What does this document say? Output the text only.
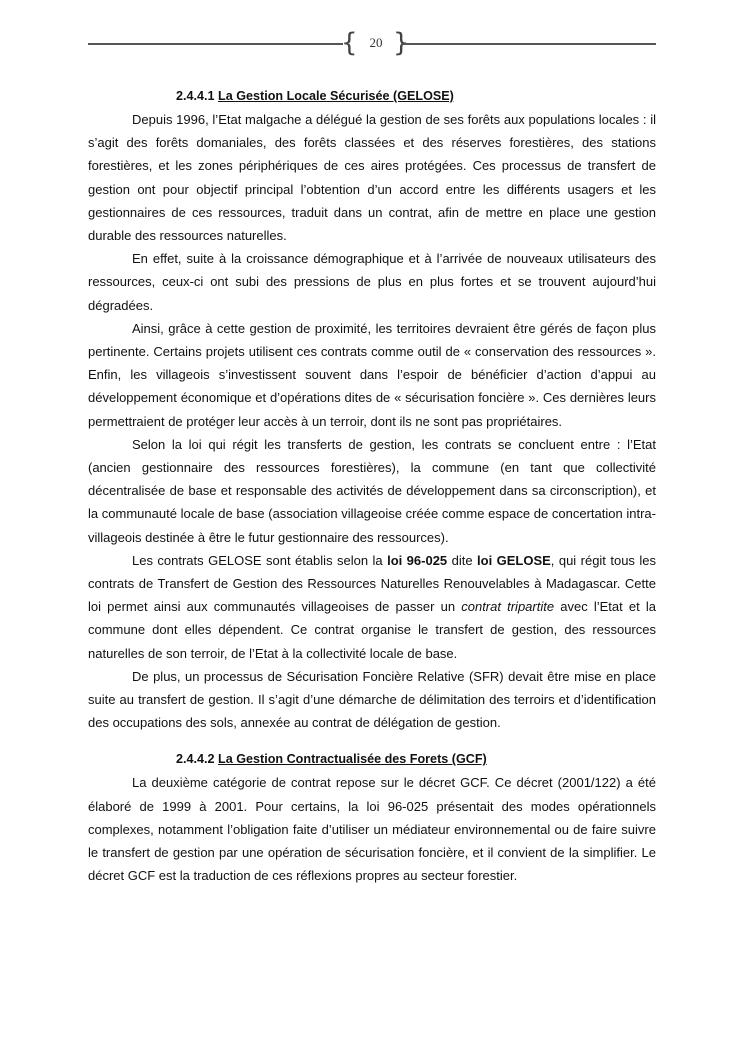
{ 20 }
2.4.4.1 La Gestion Locale Sécurisée (GELOSE)

Depuis 1996, l’Etat malgache a délégué la gestion de ses forêts aux populations locales : il s’agit des forêts domaniales, des forêts classées et des réserves forestières, des stations forestières, et les zones périphériques de ces aires protégées. Ces processus de transfert de gestion ont pour objectif principal l’obtention d’un accord entre les différents usagers et les gestionnaires de ces ressources, traduit dans un contrat, afin de mettre en place une gestion durable des ressources naturelles.

En effet, suite à la croissance démographique et à l’arrivée de nouveaux utilisateurs des ressources, ceux-ci ont subi des pressions de plus en plus fortes et se trouvent aujourd’hui dégradées.

Ainsi, grâce à cette gestion de proximité, les territoires devraient être gérés de façon plus pertinente. Certains projets utilisent ces contrats comme outil de « conservation des ressources ». Enfin, les villageois s’investissent souvent dans l’espoir de bénéficier d’action d’appui au développement économique et d’opérations dites de « sécurisation foncière ». Ces dernières leurs permettraient de protéger leur accès à un terroir, dont ils ne sont pas propriétaires.

Selon la loi qui régit les transferts de gestion, les contrats se concluent entre : l’Etat (ancien gestionnaire des ressources forestières), la commune (en tant que collectivité décentralisée de base et responsable des activités de développement dans sa circonscription), et la communauté locale de base (association villageoise créée comme espace de concertation intra-villageois destinée à être le futur gestionnaire des ressources).

Les contrats GELOSE sont établis selon la loi 96-025 dite loi GELOSE, qui régit tous les contrats de Transfert de Gestion des Ressources Naturelles Renouvelables à Madagascar. Cette loi permet ainsi aux communautés villageoises de passer un contrat tripartite avec l’Etat et la commune dont elles dépendent. Ce contrat organise le transfert de gestion, des ressources naturelles de son terroir, de l’Etat à la collectivité locale de base.

De plus, un processus de Sécurisation Foncière Relative (SFR) devait être mise en place suite au transfert de gestion. Il s’agit d’une démarche de délimitation des terroirs et d’identification des occupations des sols, annexée au contrat de délégation de gestion.

2.4.4.2 La Gestion Contractualisée des Forets (GCF)

La deuxième catégorie de contrat repose sur le décret GCF. Ce décret (2001/122) a été élaboré de 1999 à 2001. Pour certains, la loi 96-025 présentait des modes opérationnels complexes, notamment l’obligation faite d’utiliser un médiateur environnemental ou de faire suivre le transfert de gestion par une opération de sécurisation foncière, et il convient de la simplifier. Le décret GCF est la traduction de ces réflexions propres au secteur forestier.
